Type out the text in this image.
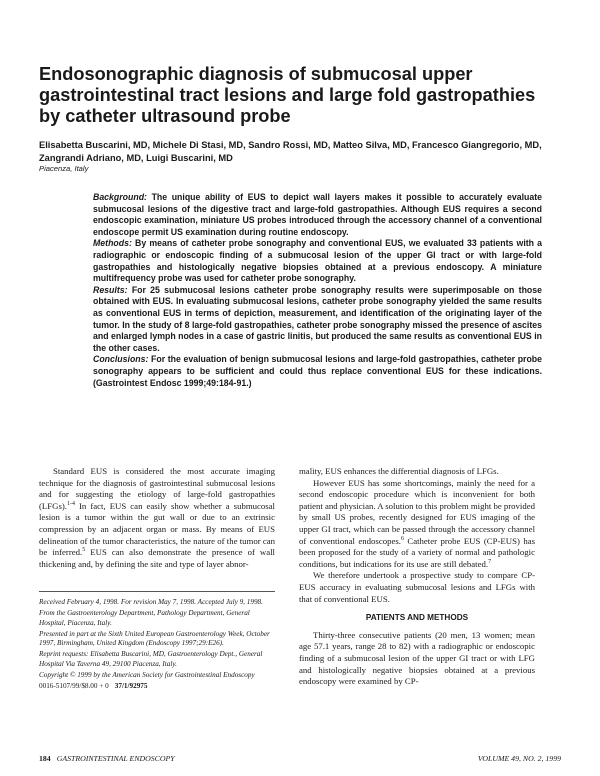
Endosonographic diagnosis of submucosal upper gastrointestinal tract lesions and large fold gastropathies by catheter ultrasound probe
Elisabetta Buscarini, MD, Michele Di Stasi, MD, Sandro Rossi, MD, Matteo Silva, MD, Francesco Giangregorio, MD, Zangrandi Adriano, MD, Luigi Buscarini, MD
Piacenza, Italy

Background: The unique ability of EUS to depict wall layers makes it possible to accurately evaluate submucosal lesions of the digestive tract and large-fold gastropathies. Although EUS requires a second endoscopic examination, miniature US probes introduced through the accessory channel of a conventional endoscope permit US examination during routine endoscopy.

Methods: By means of catheter probe sonography and conventional EUS, we evaluated 33 patients with a radiographic or endoscopic finding of a submucosal lesion of the upper GI tract or with large-fold gastropathies and histologically negative biopsies obtained at a previous endoscopy. A miniature multifrequency probe was used for catheter probe sonography.

Results: For 25 submucosal lesions catheter probe sonography results were superimposable on those obtained with EUS. In evaluating submucosal lesions, catheter probe sonography yielded the same results as conventional EUS in terms of depiction, measurement, and identification of the originating layer of the tumor. In the study of 8 large-fold gastropathies, catheter probe sonography missed the presence of ascites and enlarged lymph nodes in a case of gastric linitis, but produced the same results as conventional EUS in the other cases.

Conclusions: For the evaluation of benign submucosal lesions and large-fold gastropathies, catheter probe sonography appears to be sufficient and could thus replace conventional EUS for these indications. (Gastrointest Endosc 1999;49:184-91.)

Standard EUS is considered the most accurate imaging technique for the diagnosis of gastrointestinal submucosal lesions and for suggesting the etiology of large-fold gastropathies (LFGs).$^{1-4}$ In fact, EUS can easily show whether a submucosal lesion is a tumor within the gut wall or due to an extrinsic compression by an adjacent organ or mass. By means of EUS delineation of the tumor characteristics, the nature of the tumor can be inferred.$^5$ EUS can also demonstrate the presence of wall thickening and, by defining the site and type of layer abnor-

Received February 4, 1998. For revision May 7, 1998. Accepted July 9, 1998.

From the Gastroenterology Department, Pathology Department, General Hospital, Piacenza, Italy.

Presented in part at the Sixth United European Gastroenterology Week, October 1997, Birmingham, United Kingdom (Endoscopy 1997;29:E26).

Reprint requests: Elisabetta Buscarini, MD, Gastroenterology Dept., General Hospital Via Taverna 49, 29100 Piacenza, Italy.

Copyright © 1999 by the American Society for Gastrointestinal Endoscopy

0016-5107/99/$8.00 + 0 37/1/92975

mality, EUS enhances the differential diagnosis of LFGs.

However EUS has some shortcomings, mainly the need for a second endoscopic procedure which is inconvenient for both patient and physician. A solution to this problem might be provided by small US probes, recently designed for EUS imaging of the upper GI tract, which can be passed through the accessory channel of conventional endoscopes.$^6$ Catheter probe EUS (CP-EUS) has been proposed for the study of a variety of normal and pathologic conditions, but indications for its use are still debated.$^7$

We therefore undertook a prospective study to compare CP-EUS accuracy in evaluating submucosal lesions and LFGs with that of conventional EUS.

PATIENTS AND METHODS

Thirty-three consecutive patients (20 men, 13 women; mean age 57.1 years, range 28 to 82) with a radiographic or endoscopic finding of a submucosal lesion of the upper GI tract or with LFG and histologically negative biopsies obtained at a previous endoscopy were examined by CP-

184 GASTROINTESTINAL ENDOSCOPY	VOLUME 49, NO. 2, 1999
